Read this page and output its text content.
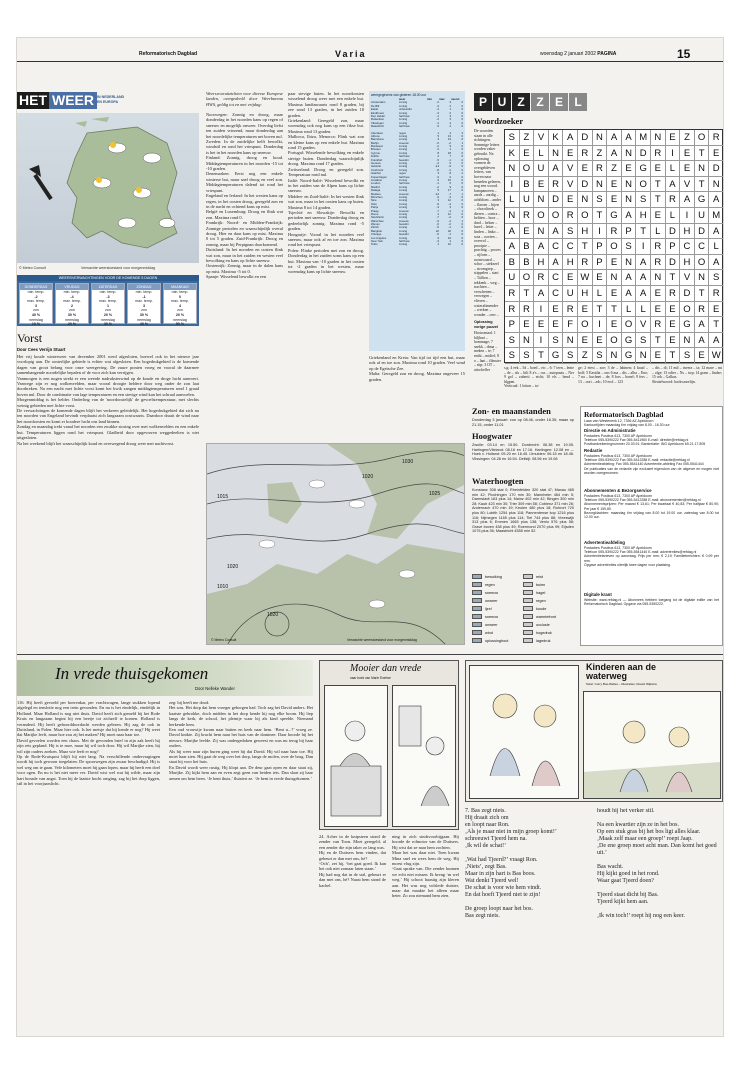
Reformatorisch Dagblad	Varia	woensdag 2 januari 2002 PAGINA	15
HET WEER IN NEDERLAND EN EUROPA
© Meteo Consult	Verwachte weerstoestand voor morgenmiddag
WEERSVERWACHTINGEN VOOR DE KOMENDE 5 DAGEN
DONDERDAG
min. temp.
-2
max. temp.
3
zon
40 %
neerslag
10 %
VRIJDAG
min. temp.
-4
max. temp.
2
zon
30 %
neerslag
20 %
ZATERDAG
min. temp.
-3
max. temp.
1
zon
20 %
neerslag
30 %
ZONDAG
min. temp.
-1
max. temp.
3
zon
30 %
neerslag
40 %
MAANDAG
min. temp.
0
max. temp.
4
zon
20 %
neerslag
50 %
Vorst
Door Cees Verrijn Stuart
Het vrij koude winterweer van december 2001 werd afgesloten, hoewel ook in het nieuwe jaar voorlopig aan. De oosterlijke gebiede is echter wat afgesloten. Een hogedrukgebied is de komende dagen van groot belang voor onze weergeving. De zuure ponien vroeg en vooral de daarmee samenhangende noordelijke bepalen of de voor zich kan verrijgen.
Vanmorgen is een nogen strekt er een weerde nadruksterwind op de koude en droge lucht aanvoert. Vanwege zijn er nog wolkenvelden, maar vooral droogte heldere door weg onder de zon laat doorbreken. Na een nacht met lichte vorst komt het kwik zangen middagtemperaturen rond 1 graad boven nul. Door de combinatie van lage temperaturen en een stevige wind kan het schraal aanvoelen.
Morgenmiddag is het helder. Onderling van de 'noordoostelijk' de gevoelstemperatuur, met slechts weinig gebieden met lichte vorst.
De verwachtingen de komende dagen blijft het verkreen geleidelijk. Het hogedrukgebied dat zich nu ten noorden van Engeland bevindt verplaatst zich langzaam oostwaarts. Daardoor draait de wind naar het noordoosten en komt er koudere lucht ons land binnen.
Zondag en maandag trekt vanaf het noorden een zwakke storing over met wolkenvelden en een enkele bui. Temperaturen liggen rond het vriespunt. Gladheid door opgevroren weggedeelten is niet uitgesloten.
Na het weekend blijft het waarschijnlijk koud en overwegend droog weer met nachtvorst.
Weersvooruitzichten voor diverse Europese landen, overgedeeld door Weerbureau HWS, geldig tot en met vrijdag:
Noorwegen: Zonnig en droog, maar donderdag in het noorden kans op regen of sneeuw en mogelijk onweer. Overdag liefst ten zuiden vriezend, maar donderdag aan het noordelijke temperaturen net boven nul.
Zweden: In de zuidelijke helft bewolkt, windstil en rond het vriespunt. Donderdag is het in het noorden kans op sneeuw.
Finland: Zonnig, droog en koud. Middagtemperaturen in het noorden -15 tot -10 graden.
Denemarken: Eerst nog een enkele winterse bui, maar snel droog en veel zon. Middagtemperaturen dalend tot rond het vriespunt.
Engeland en Ierland: In het westen kans op regen, in het oosten droog, geregeld zon en in de nacht en ochtend kans op mist.
België en Luxemburg: Droog en flink wat zon. Maxima rond 0.
Frankrijk: Noord- en Midden-Frankrijk: Zonnige perioden en waarschijnlijk overal droog. Hier en daar kans op mist. Maxima 0 tot 5 graden. Zuid-Frankrijk: Droog en zonnig, maar bij Perpignan doorkomend.
Duitsland: In het noorden en oosten flink wat zon, maar in het zuiden en westen veel bewolking en kans op lichte sneeuw.
Oostenrijk: Zonnig, maar in de dalen kans op mist. Maxima -5 tot 0.
Spanje: Wisselend bewolkt en een
paar stevige buien. In het noordoosten wisselend droog weer met een enkele bui. Maxima landinwaarts rond 8 graden, bij zee rond 13 graden, in het zuiden 18 graden.
Griekenland: Geregeld zon, maar woensdag ook nog kans op een fikse bui. Maxima rond 13 graden.
Mallorca, Ibiza, Menorca: Flink wat zon en kleine kans op een enkele bui. Maxima rond 15 graden.
Portugal: Wisselende bewolking en enkele stevige buien. Donderdag waarschijnlijk droog. Maxima rond 17 graden.
Zwitserland: Droog en geregeld zon. Temperatuur rond nul.
Italië: Noord-Italië: Wisselend bewolkt en in het zuiden van de Alpen kans op lichte sneeuw.
Midden- en Zuid-Italië: In het westen flink wat zon, maar in het oosten kans op buien. Maxima 8 tot 14 graden.
Tsjechië en Slowakije: Bewolkt en perioden met sneeuw. Donderdag droog en gedeeltelijk zonnig. Maxima rond -5 graden.
Hongarije: Vooral in het noorden veel sneeuw, maar ook af en toe zon. Maxima rond het vriespunt.
Polen: Flinke perioden met zon en droog. Donderdag in het zuiden soms kans op een bui. Maxima van -10 graden in het oosten tot -2 graden in het westen, maar woensdag kans op lichte sneeuw.
weergegevens van gisteren 18.00 uur
weer	min	max	neersl.
Amsterdam	zonnig	-2	3	0
De Bilt	zonnig	-3	2	0
Eelde	onbewolkt	-4	1	0
Eindhoven	zonnig	-3	2	0
Den Helder	half bew.	-1	3	0
Rotterdam	zonnig	-2	3	0
Vlissingen	zonnig	-1	4	0
Maastricht	half bew.	-3	2	0
Aberdeen	regen	1	4	3
Athene	zonnig	5	13	0
Barcelona	zonnig	3	13	0
Berlijn	sneeuw	-6	-2	1
Bordeaux	zonnig	-2	9	0
Brussel	zonnig	-3	1	0
Cyprus	zonnig	8	18	0
Dublin	half bew.	2	7	0
Frankfurt	bewolkt	-5	-1	0
Genève	zonnig	-4	0	0
Helsinki	zonnig	-14	-9	0
Innsbruck	zonnig	-8	-1	0
Istanbul	regen	3	8	2
Kopenhagen	half bew.	-3	0	0
Lissabon	zonnig	6	15	0
Londen	half bew.	-1	5	0
Madrid	zonnig	-2	9	0
Malaga	zonnig	5	17	0
Moskou	sneeuw	-12	-7	1
München	zonnig	-9	-3	0
Nice	zonnig	3	12	0
Oslo	zonnig	-9	-4	0
Parijs	zonnig	-3	3	0
Praag	sneeuw	-7	-3	1
Rome	zonnig	2	12	0
Stockholm	zonnig	-7	-2	0
Warschau	sneeuw	-9	-4	1
Wenen	bewolkt	-6	-2	0
Zürich	zonnig	-5	-1	0
Bangkok	zonnig	22	32	0
Chicago	bewolkt	-6	-1	0
Los Angeles	zonnig	9	19	0
New York	half bew.	-3	4	0
Tokio	zonnig	1	10	0
Griekenland en Kreta: Van tijd tot tijd een bui, maar ook af en toe zon. Maxima rond 10 graden. Veel wind op de Egeïsche Zee.
Malta: Geregeld zon en droog. Maxima ongeveer 15 graden.
1020
1030
1025
1015
1010
1020
1020
© Meteo Consult	Verwachte weerstoestand voor morgenmiddag
P U Z Z E L
Woordzoeker
De woorden staan in alle richtingen. Sommige letters worden vaker gebruikt. Na oplossing vormen de overgebleven letters, van boven naar beneden gelezen, nog een woord.
kampanoeen – aards – aardig – achtblom – ander – flarom – bijen – chocolinek – dieren – contra – heliten – hoor – dard – heluer – harel – letter – linden – linko – sota – ooeten – overvol – prooipte – prachtig – proces – rijfoen – roomwaard – schor – stekezel – stromgrep – stippelen – start – Tallion – tekkenk – weg – trachten – verschenen – verwegen – vlieren – wateralimender – werken – wonder – oerr –
Oplossing vorige puzzel
Horizontaal: 1 biljhart – hommage; 7 snekk – dima – meken – te; 7 enthi – midiel; 8 o – lant – filmster – stip; 3 OT – uitschelfer
S Z V K A D N A A M N E Z O R
K E L N E R Z A N D R	I	E T E
N O U A V E R Z E G E L E N D
I	B E R V D N E N O T A V T N
L U N D E N S E N S T R A G A
N R O O R O T G A H E L	I	U M
A E N A S H	I	R P T L D H D A
A B A C C T P O S	I	R P C C L
B B H A H R P E N A R D H O A
U O R C E W E N A A N T V N S
R T A C U H L E A A E R D T R
R R	I	E R E T T L L E E O R E
P E E E F O	I	E O V R E G A T
S N	I	S N E E O G S T E N A A
S S T G S Z S N G N E T S E W
s.g; 4 eek – 5d – boed – etc – 6: 7 teen – lenie – de – als – bilt 8 a's – rus – autopauts – Ner 9 gol – zuberti – etcht; 10 els – bend – hlgpen.
Verticaal: 1 lotion – ta-
ge; 2 eiest – zoe; 3 de – labinen; 4 kraal – bolf; 5 Eastdia – ons 6 ma – dis – alba – Eno; 7 na – kuchnet – de; 8 fors – bonel; 9 fers – 13 – oort – adc; 10 erol – 123
– dis – di; 11 mil – invera – ta; 12 mare – mt – olge; 13 odier – Ns – twp; 14 gram – lindse; 15 orb – Galkus.
Sleutelwoord: backvaarelijn.
Zon- en maanstanden
Donderdag 3 januari: zon op 08.46, onder 16.35; maan op 21.15, onder 11.01
Hoogwater
Zwolle: 03.14 en 15.50. Dordrecht: 06.38 en 19.05. Harlingen/Vlieland: 08.16 en 17.16. Harlingen: 12.08 en –. Hoek v. Holland: 05.20 en 16.45. IJmuiden: 06.15 en 18.46. Vlissingen: 04.28 en 16.54. Delfzijl: 08.56 en 19.08
Waterhoogten
Konstanz 308 stat 0; Rheinfelden 320 stat 47; Maxau 465 min 42; Plochingen 170 min 30; Mannheim 464 min 5; Darmstadt 163 plus 14; Mainz 402 min 42; Bingen 300 min 28; Kaub 423 min 30; Trier 309 min 58; Coblenz 371 min 26; Andernach 470 min 19; Keulen 480 plus 18; Ruhrort 720 plus 80; Lobith 1254 plus 118; Pannerdense kop 1216 plus 116; Nijmegen 1165 plus 114; Tiel 744 plus 88; Vreeswijk 313 plus 6; Emmen 1665 plus 138; Venlo 576 plus 58; Grave boven 438 plus 49; Roermond 2070 plus 99; Eijsden 1075 plus 36; Maastricht 4555 min 52.
bewolking	mist
regen	buien
sneeuw	hagel
onweer	regen
ijzel	koude
sneeuw	warmtefront
onweer	occlusie
wind	hogedruk
oplossinghout	lagedruk
Reformatorisch Dagblad
Laan van Westenenk 12, 7336 AZ Apeldoorn
Kantoortijden maandag t/m vrijdag van 8.00 - 16.30 uur
Directie en Administratie
Postadres Postbus 613, 7300 AP Apeldoorn
Telefoon 055-5390222 Fax 055-5411960 E-mail: directie@refdag.nl
Postbankrekeningnummer 20.03.91; Bankrelatie: ING Apeldoorn 69.21.17.805
Redactie
Postadres Postbus 613, 7300 AP Apeldoorn
Telefoon 055-5390222 Fax 055-5412288 E-mail: redactie@refdag.nl
Advertentieafdeling: Fax 055-5541440 Advertentie-afdeling Fax 055-5541444
De publicaties van de redactie zijn exclusief eigendom van de uitgever en mogen niet worden overgenomen.
Abonnementen & Bezorgservice
Postadres Postbus 613, 7300 AP Apeldoorn
Telefoon 055-5390222 Fax 055-5412288 E-mail: abonnementen@refdag.nl
Abonnementsprijzen: Per maand € 13,61; Per kwartaal € 40,83; Per halfjaar € 80,90; Per jaar € 159,80.
Bezorgklachten: maandag t/m vrijdag van 8.00 tot 19.00 uur, zaterdag van 8.00 tot 12.00 uur.
Advertentieafdeling
Postadres Postbus 613, 7300 AP Apeldoorn
Telefoon 055-5390222 Fax 055-5541440 E-mail: advertenties@refdag.nl
Advertentietarieven op aanvraag. Prijs per mm: € 2,19; Familieberichten: € 0,99 per mm.
Opgave advertenties uiterlijk twee dagen voor plaatsing.
Digitale krant
Website: www.refdag.nl — Abonnees hebben toegang tot de digitale editie van het Reformatorisch Dagblad. Opgave via 055-5390222.
In vrede thuisgekomen
Door Nelleke Wander
116. Hij heeft gevoeld per boerenkar, per vrachtwagen, lange stukken lopend afgelegd en tenslotte nog een trein gevonden. En nu is het eindelijk, eindelijk in Holland. Maar Holland is nog niet thuis. David heeft zich gemeld bij het Rode Kruis en langzaam begint hij een beetje tot zichzelf te komen. Holland is veranderd. Hij heeft gehoorddoordacht werden gelezen. Hij zag de ook in Duitsland, in Polen. Maar hier ook. Is het meisje dat hij kende er nog? Hij weet dat Marijke leeft, maar hoe zou zij het maken? Hij moet naar haar toe.
David gevoelen worden een chaos. Met de gevonden brief in zijn zak heeft hij zijn reis gepland. Hij is te moe, maar hij wil toch door. Hij wil Marijke zien, hij wil zijn ouders zoeken. Maar wie leeft er nog?
Op de Rode-Kruispost blijft hij niet lang. Na verschillende ondervragingen wordt hij toch gewoon toegelaten. De spoorwegen zijn zwaar beschadigd. Hij is wel weg om te gaan. Vele kilometers moet hij gaan lopen, maar hij heeft een doel voor ogen. En nu is het niet meer ver. David wist wel wat hij wilde, maar zijn hart bonsde van angst. Toen hij de laatste bocht omging, zag hij het dorp liggen, stil in het voorjaarslicht.
zeg: hij heeft me dood.
Het was. Het dorp dat hem vroeger geborgen had. Toch zag het David anders. Het kaatste gebrokke, doch midden in het dorp kende hij nog elke boom. Hij liep langs de kerk, de school, het pleintje waar hij als kind speelde. Niemand herkende hem.
Een oud vrouwtje kwam naar buiten en keek naar hem. ‘Bent u...?’ vroeg ze. David knikte. Zij bracht hem naar het huis van de dominee. Daar hoorde hij het nieuws: Marijke leefde. Zij was ondergedoken geweest en was nu terug bij haar ouders.
Als hij weer naar zijn buren ging weet hij dat David. Hij wil naar haar toe. Hij moet haar zien. Hij gaat de weg over het dorp, langs de molen, over de brug. Dan staat hij voor het huis.
En David wordt weer rustig. Hij klopt aan. De deur gaat open en daar staat zij, Marijke. Zij kijkt hem aan en even zegt geen van beiden iets. Dan slaat zij haar armen om hem heen. ‘Je bent thuis,’ fluistert ze. ‘Je bent in vrede thuisgekomen.’
Mooier dan vrede
naar boek van Marie Evertse
24. Acher in de knipsteen stond de zender van Toon. Moet geregeld, al een zender die zijn taker zo lang was.
Hij en de Duitsers hem vinden, dat gebeurt er dan met ons, hè?
‘Och’, zei hij, ‘het gaat goed. Ik kan het ook niet zomaar laten staan.’
Hij had nog dat in de stal, gebeurt er dan met ons, hè? Naast hem stond de kachel.
ning in zich sindsvoorbijgaan. Hij hoorde de rolmotor van de Duitsers. Hij wist dat ze naar hem zochten.
Maar het was daar niet. Toen kwam Mina snel en wees hem de weg. Hij moest vlug zijn.
‘Gaat sprake van. Die zender kunnen we echt niet missen. Ik breng ‘m wel weg.’ Hij schoot haastig zijn kleren aan. Het was nog volslede duister, maar dat maakte het alleen maar beter. Zo zou niemand hem zien.
Kinderen aan de waterweg
Tekst: Corry Bos-Welles – Illustraties: Roelof Wijkstra
7. Bas zegt niets.
Hij draait zich om
en loopt naar Ron.
‚Als je maar niet in mijn groep komt!’
schreeuwt Tjeerd hem na.
‚Ik wil de schat!’

‚Wat had Tjeerd?’ vraagt Ron.
‚Niets’, zegt Bas.
Maar in zijn hart is Bas boos.
Wat denkt Tjeerd wel!
De schat is voor wie hem vindt.
En dat hoeft Tjeerd niet te zijn!

De groep loopt naar het bos.
Bas zegt niets.
houdt hij het verker stil.

Na een kwartier zijn ze in het bos.
Op een stuk gras bij het bos ligt alles klaar.
‚Maak zelf maar een groep!’ roept Jaap.
‚De ene groep moet acht man. Dan komt het goed uit.’

Bas wacht.
Hij kijkt goed in het rond.
Waar gaat Tjeerd doen?

Tjeerd staat dicht bij Bas.
Tjeerd kijkt hem aan.

‚Ik win toch!’ roept hij nog een keer.
